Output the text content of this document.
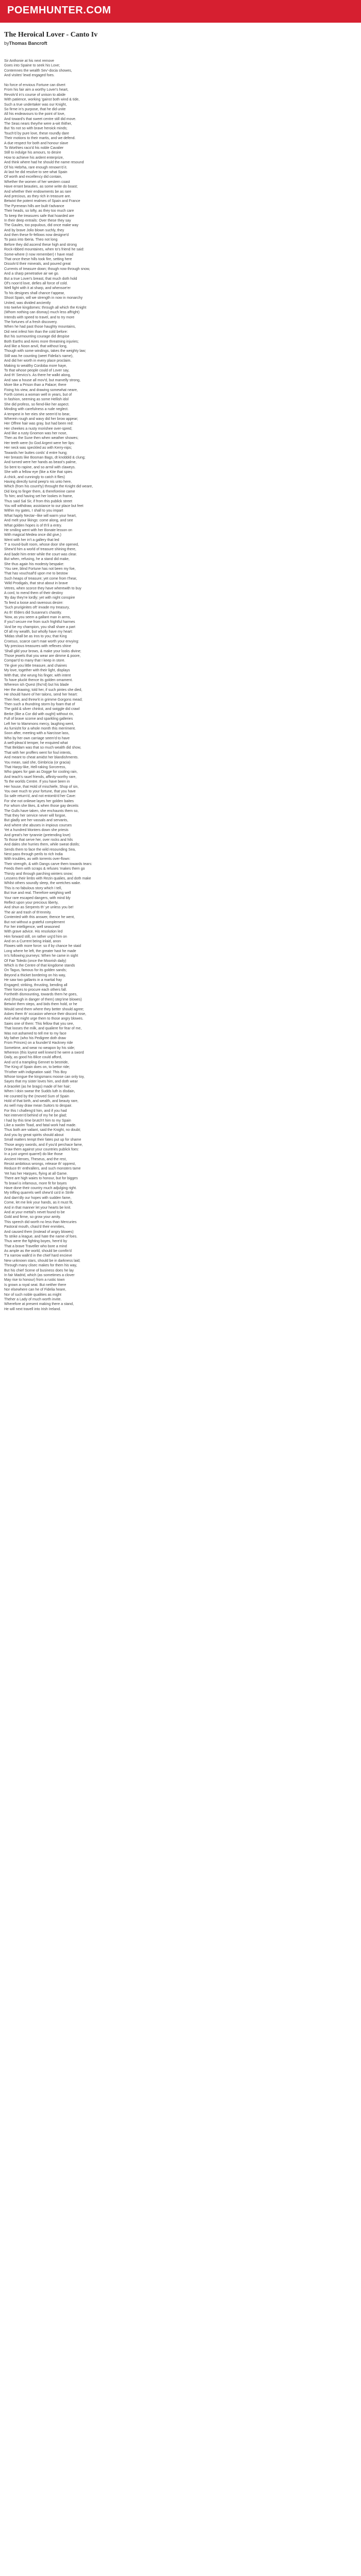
POEMHUNTER.COM
The Heroical Lover - Canto Iv
byThomas Bancroft
Sir Anthonie at his next remove
Goes into Spaine to seek his Love;
Contemnes the wealth Sev'-docia showes,
And visites' lewd engaged foes.
No force of envious Fortune can divert
From his fair aim a worthy Lover's heart,
Revolv'd in's course of unison to abide
With patience, working 'gainst both wind & tide,
Such a true undertaker was our Knight,
So firme in's purpose, that he did unite
All his endeavours to the point of love,
And toward's that sweet centre still did move.
The Seas nears theyrhe were a-wit thither,
But 'tis not so with brave heroick minds;
Touch'd by pure love, these roundly dare
Their motions to their martis, and we defend.
A due respect for both and honour slave
To Worthies raco'd his noble Cavalier
Still to indulge his amours, to desire
How to achieve his ardent enterprize,
And think where had he should the name resound
Of his Hebrha, rare enough renown'd it.
At last he did resolve to see what Spain
Of worth and excellency did contain,
Whether the women of her western coast
Have errant beauties, as some write do boast;
And whether their endowments be as rare
And precious, as they rich in treasure are.
Betwixt the potent realmes of Spain and France
The Pyrenean hills are built t'advance
Their heads, so lofty, as they too much care
To keep the treasures safe that hoarded are
In their deep entrails: Over these they say
The Gaules, too populous, did once make way
And by brave Jolio blown suchly, they
And then these fir-fellows now designe'd
To pass into Iberia. Theo not long
Before they did ascend these high and strong
Rock-ribbed mountaines, when to's friend he said:
Some-where (I now remember) I have read
That once these hills took fire, setting here
Dissolv'd their minerals, and poured great
Currents of treasure down; though now through snow,
And a sharp penetrative air we go.
But a true Lover's breast, that much doth hold
Of's noon'd love, defies all force of cold.
Well fight with it at sharp, and whensoe'er
To his designes shall chance t'appear,
Shoot Spain, will we strength in now in monarchy
United, was divided anciently
Into twelve kingdomes: through all which the Knight
(Whom nothing can dismay) much less affright)
Intends with speed to travel, and to try more
The fortunes of a fresh discovery.
When he had past those haughty mountains,
Did next infest him than the cold before:
But his surmounting courage did despise
Both Earths and Aires more threatning injuries;
And like a Noon anvil, that without long,
Though with some windings, takes the weighty law;
Still was he counting (weet Fidelia's name),
And did her worth in every place proclaim.
Making to wealthy Cordoba more haye,
To that whose people could of Lover say,
And th' Servics's. As there he walkt along,
And saw a house all mov'd, but marvelly strong,
More like a Prison than a Palace; there
Fixing his view, and drawing somewhat neare,
Forth comes a woman well in years, but of
In fashion, seeming as some Hellish idol
She did profess, so fiend-like her aspect.
Minding with carefulness a rude neglect.
A tempest in her eies she seem'd to bear,
Wherein rough and wavy did her brow appear;
Her Offree hair was gray, but had been red:
Her cheekes a nusty morishee over-spred;
And like a rusty Gnomon was her nose,
Then as the Sune then when weather showes;
Her teeth were (to God Argent were her lips:
Her neck was speckled as with Kerry-nips;
Towards her buttes cords' d entre hung;
Her breasts like Bosman Bags, dt knobbld & clung;
And turned were her hands as beast's palme,
So bent to rapine, and so armil with claweys.
She with a fellow eye (like a Kite that spies
A chick, and cunningly to catch it flies)
Having directly turnd peep'o nis unto here,
Which (from his count'ty) throught the Knight did weare,
Did long to finger them, & thereforeine came
To him; and having set her lookes in frame,
Thus said Sal Sir, if from this publick street
You will withdraw, assistance to our place but feet
Within my gates, I shall to you impart
What hapily Nectar--like will warm your heart,
And melt your likings: come along, and see
What golden hopes is of th'il a entry.
He smiling went with her Bonate lesson on
With magical Medea once did give,)
Went with her in't a gallery that led
T' a round-built room, whose door she opened,
Shew'd him a world of treasure shining there,
And bade him enter while the court was clear.
But when, refusing, he a stand did make,
She thus again his modesty bespake:
'You see, blind Fortune has not been my foe,
That has vouchsaf'd upon me to bestow
Such heaps of treasure; yet come from t'hear,
'Wild Prodigals, that strut about in brave
Vetres, when scorce they have wherewith to buy
A cord, to mend them of their destiny
'By day they're lordly; yet with night conspire
To feed a loose and ravenous desire:
'Such pruriginites oft' invade my treasury,
As th' Elders did Susanna's chastity.
'Now, as you seem a gallant man in arms,
If you'l secure me from such frightful harmes
'And be my champion, you shall share a part
Of all my wealth, but wholly have my heart:
'Midas shall be as Iros to you; that King
Croesus, scarce can't mae worth your envying:
'My precious treasures with reflexes shine
'Shall gild your brows, & make your looks divine;
Those jewels that you wear are dimme & poore,
Compar'd to many that I keep in store.
'I'le give you little treasure, and chaines
My love, together with their light, displays
With that, she wrung his finger, with intent
To have pluckt thence its golden ornament.
Whereon ish Quest (tho'rd) but his blade
Her the drawing; told her, if such pintes she died,
He should havre of her talons, send her heart:
Then feet, and threw'it in grimme Gorgons mead;
Then such a thundring storm by foam that of
The gold & silver chinkst, and swiggle did crawl
Berke (like a Cor did with ought) without rin,
Full of brave scorne and sparkling galleries
Left her to Mammons mercy, laughing went,
As furnisht for a whole month this merriment.
Soon after, meeting with a Narcisse lass,
Who by her own carriage seem'd to have
A well-pleas'd temper, he enquired what
That Beldam was that so much wealth did show,
That with her proffers went for foul intents,
And meant to cheat amidst her blandishments.
You mean, said she, Gimbricia (or gracia)
That Harpy-like, Hell-raking Sorceress,
Who gapes for gain as Dogge for cooling rain,
And teach's rauel friends, affinity-worthy rare,
To the worlds Centre. If you have been in
Her house, that Hold of mischiefe, Shop of sin,
You owe much to your fortune, that you have
So safe return'd, and not entomb'd her Cave:
For she not onliewe layes her golden baites
For whom she likes, & when those gay deceits
The Gulls have taken, she enchaunts them so,
That they her service never will forgoe,
But gladly are her vassals and servants,
And where she abuses in impious courses
Yet a hundred Monters down she priesis
And great's her tyrannie (pretending love)
To those that serve her, over rocks and hils
And dales she hurries them, while sweat distils;
Sends them to face the wild resounding Sea,
Nest pass through perils to rich India
With troubles, as with torrents over-flown:
Their strength, & with Dangs carve them towards tears:
Feeds them with scraps & refuses 'makes them go
Thirsty and through parching winters snow;
Lessens their limbs with Rezin qualies, and doth make
Whilst others soundly sleep, the wretches wake.
This is no fabulous story which I tell,
But true and real. Therefore weighing well
Your rare escaped dangers, with mind bly
Reflect upon your precious liberty,
And shun as Serpents th' ye unless you be!
The air and trash of th'enmity.
Contented with this answer, thence he went,
But not without a grateful complement
For her intelligence, well seasoned
With grave advice. His resolution led
Him forward still, on rather urg'd him on
And on a Current being inlaid, anon
Flowes with more force: so if by chance he staid
Long where he left, the greater hast he made
In's following journeys: When he came in sight
Of Fair Toledo (once the Moorish daily)
Which is the Centre of that kingdome stands
On Tagus, famous for its golden sands;
Beyond a thicket bordering on his way,
He saw two gallants in a martial fray
Engaged; striking, thrusting, bending all
Their forces to procure each others fall.
Fortheith dismounting, towards them he goes,
And (though in danger of them) step'ime blowes)
Betwixt them steps, and bids them hold, or he
Would send them where they better should agree;
Askes them th' occasion whence their discord rose,
And what might urge them to those angry blowes.
Saies one of them: This fellow that you see,
That looses the milk, and qualiere for fear of me,
Was not ashamed to tell me to my face
My father (who his Pedigree doth draw
From Princes) on a founder'd Hackney ride
Sometime, and wear no weapon by his side;
Whereon (this loyest well knew'd he were a sword
Daily, as good his Blice could afford,
And us'd a trampling Gennet to bestride,
The King of Spain does on, to bettor ride;
Th'other with indignation said: This Boy
Whose tongue the kingsmans moose can only toy,
Sayes that my sister loves him, and doth wear
A bracelet (as he brags) made of her hair;
When I doin swear the Sudds luth is disdain,
He counted by the (moved Sum of Spain
Hold of that birth, and wealth, and beauty rare,
As well may draw mean Suitors to despair.
For this I challeng'd him, and if you had
Not interven'd behind of my he be glad;
I had by this time brutch't him to my Spain
Like a swolm Toad, and fatal work had made.
Thus both are valiant, said the Knight, no doubt;
And you by great spirits should about
Small matters tempt their fates put up for shame
Those angry swords, and if you'd perchace fame,
Draw them against your countries publick foes:
In a just urgent quarrel) do like those
Ancient Heroes, Theseus, and the rest,
Resist ambitious wrongs, release th' opprest,
Reduce th' enthrallers, and such monsters tame
Yet has her Harpyes, flying at all Game.
There are high waies to honour, but for bigges
To brawl is infamous, more fit for boyes
Have done their country much adjulging right.
My trifling quarrels well shew'd ca'd in Strife
And dam'dly our hopes with sudden fame,
Come, let me link your hands, as it must fit,
And in that manner let your hearts be knit.
And at your mettal's nevet found to be
Gold and firme, so grow your amity.
This speech did worth no less than Mercuries
Pastoral mouth, chasi'd their enmities,
And caused them (instead of angry blowes)
To strike a league, and hate the name of foes.
Thus were the fighting boyes, here'd by
That a brave Traveller who bore a mind
As ample as the world, should be comfin'd
T'a narrow walk'd in the chief hard encieve
New unknown stars, should be in darkness laid;
Through many clisec makes for them his way,
But his chief Scene of business does he lay
In fair Madrid, which (as sometimes a clover
May rise to honour) from a rustic town
Is grown a royal seat. But neither there
Nor elsewhere can he of Fidelia heare,
Nor of such noble qualities as might
Theher a Lady of much worth invite.
Wherefore at present making there a stand,
He will next travell into Irish Ireland.
